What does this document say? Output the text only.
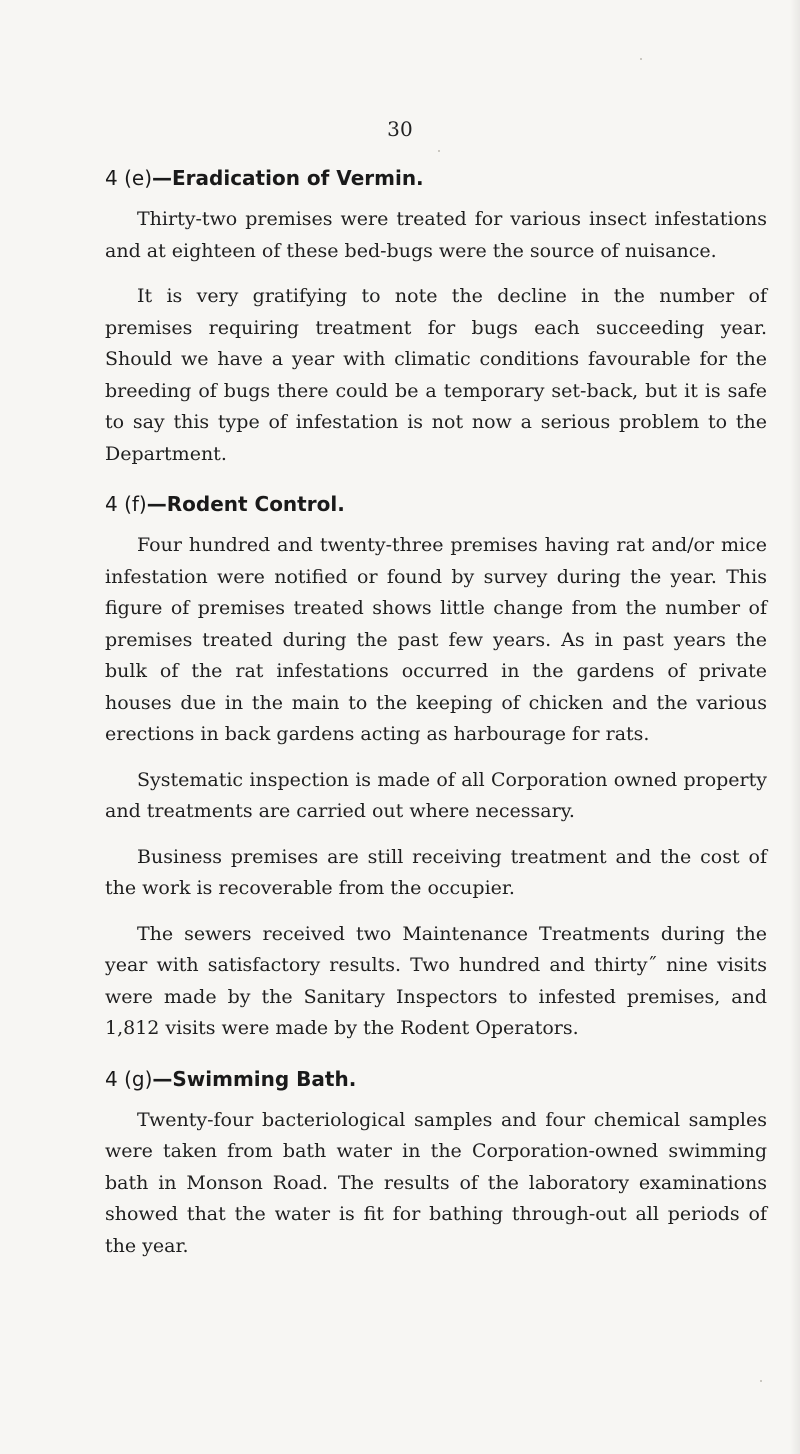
30
4 (e)—Eradication of Vermin.

Thirty-two premises were treated for various insect infestations and at eighteen of these bed-bugs were the source of nuisance.

It is very gratifying to note the decline in the number of premises requiring treatment for bugs each succeeding year. Should we have a year with climatic conditions favourable for the breeding of bugs there could be a temporary set-back, but it is safe to say this type of infestation is not now a serious problem to the Department.

4 (f)—Rodent Control.

Four hundred and twenty-three premises having rat and/or mice infestation were notified or found by survey during the year. This figure of premises treated shows little change from the number of premises treated during the past few years. As in past years the bulk of the rat infestations occurred in the gardens of private houses due in the main to the keeping of chicken and the various erections in back gardens acting as harbourage for rats.

Systematic inspection is made of all Corporation owned property and treatments are carried out where necessary.

Business premises are still receiving treatment and the cost of the work is recoverable from the occupier.

The sewers received two Maintenance Treatments during the year with satisfactory results. Two hundred and thirty˝ nine visits were made by the Sanitary Inspectors to infested premises, and 1,812 visits were made by the Rodent Operators.

4 (g)—Swimming Bath.

Twenty-four bacteriological samples and four chemical samples were taken from bath water in the Corporation-owned swimming bath in Monson Road. The results of the laboratory examinations showed that the water is fit for bathing through-out all periods of the year.
